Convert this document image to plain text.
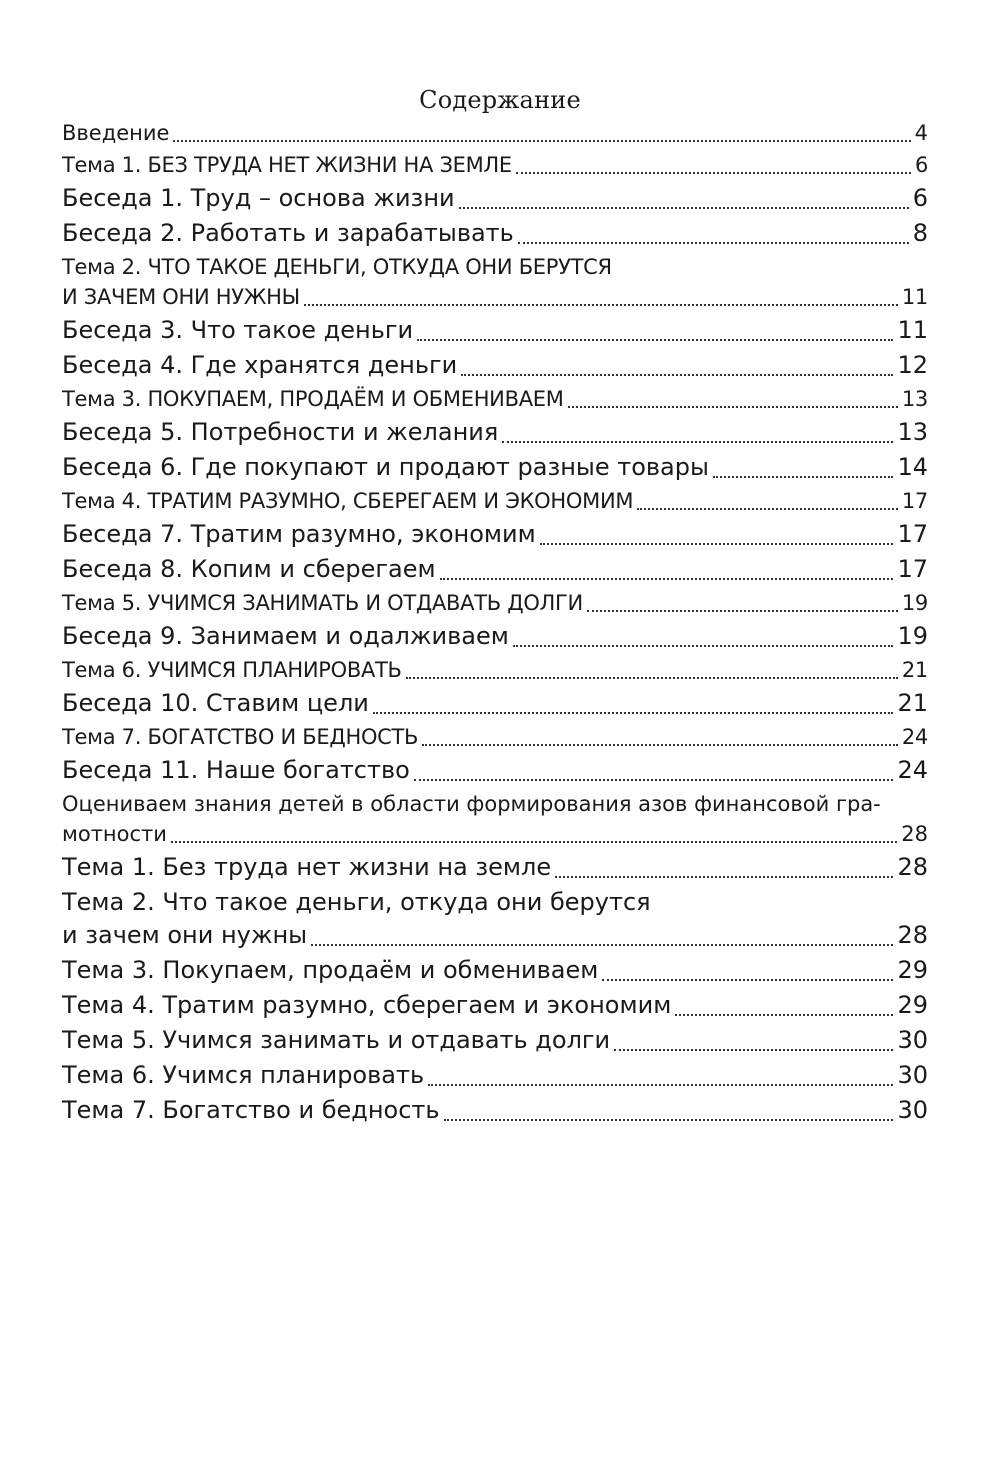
Содержание
Введение	4
Тема 1. БЕЗ ТРУДА НЕТ ЖИЗНИ НА ЗЕМЛЕ	6
Беседа 1. Труд – основа жизни	6
Беседа 2. Работать и зарабатывать	8
Тема 2. ЧТО ТАКОЕ ДЕНЬГИ, ОТКУДА ОНИ БЕРУТСЯ
И ЗАЧЕМ ОНИ НУЖНЫ	11
Беседа 3. Что такое деньги	11
Беседа 4. Где хранятся деньги	12
Тема 3. ПОКУПАЕМ, ПРОДАЁМ И ОБМЕНИВАЕМ	13
Беседа 5. Потребности и желания	13
Беседа 6. Где покупают и продают разные товары	14
Тема 4. ТРАТИМ РАЗУМНО, СБЕРЕГАЕМ И ЭКОНОМИМ	17
Беседа 7. Тратим разумно, экономим	17
Беседа 8. Копим и сберегаем	17
Тема 5. УЧИМСЯ ЗАНИМАТЬ И ОТДАВАТЬ ДОЛГИ	19
Беседа 9. Занимаем и одалживаем	19
Тема 6. УЧИМСЯ ПЛАНИРОВАТЬ	21
Беседа 10. Ставим цели	21
Тема 7. БОГАТСТВО И БЕДНОСТЬ	24
Беседа 11. Наше богатство	24
Оцениваем знания детей в области формирования азов финансовой гра-
мотности	28
Тема 1. Без труда нет жизни на земле	28
Тема 2. Что такое деньги, откуда они берутся
и зачем они нужны	28
Тема 3. Покупаем, продаём и обмениваем	29
Тема 4. Тратим разумно, сберегаем и экономим	29
Тема 5. Учимся занимать и отдавать долги	30
Тема 6. Учимся планировать	30
Тема 7. Богатство и бедность	30
